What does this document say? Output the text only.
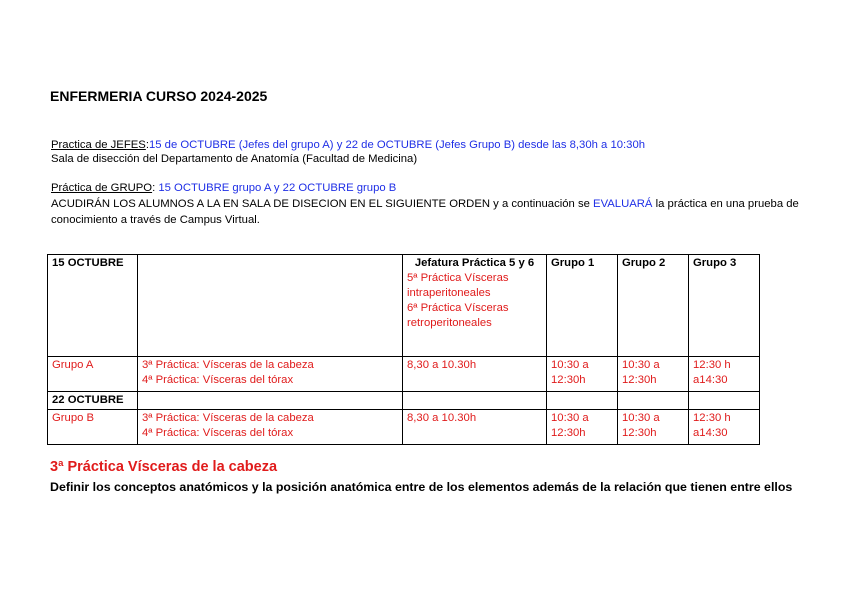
ENFERMERIA CURSO 2024-2025
Practica de JEFES:15 de OCTUBRE (Jefes del grupo A) y 22 de OCTUBRE (Jefes Grupo B) desde las 8,30h a 10:30h
Sala de disección del Departamento de Anatomía (Facultad de Medicina)
Práctica de GRUPO: 15 OCTUBRE grupo A y 22 OCTUBRE grupo B
ACUDIRÁN LOS ALUMNOS A LA EN SALA DE DISECION EN EL SIGUIENTE ORDEN y a continuación se EVALUARÁ la práctica en una prueba de conocimiento a través de Campus Virtual.
15 OCTUBRE		Jefatura Práctica 5 y 6
5ª Práctica Vísceras intraperitoneales
6ª Práctica Vísceras retroperitoneales	Grupo 1	Grupo 2	Grupo 3
Grupo A	3ª Práctica: Vísceras de la cabeza
4ª Práctica: Vísceras del tórax	8,30 a 10.30h	10:30 a 12:30h	10:30 a 12:30h	12:30 h a14:30
22 OCTUBRE					
Grupo B	3ª Práctica: Vísceras de la cabeza
4ª Práctica: Vísceras del tórax	8,30 a 10.30h	10:30 a 12:30h	10:30 a 12:30h	12:30 h a14:30
3ª Práctica Vísceras de la cabeza
Definir los conceptos anatómicos y la posición anatómica entre de los elementos además de la relación que tienen entre ellos
